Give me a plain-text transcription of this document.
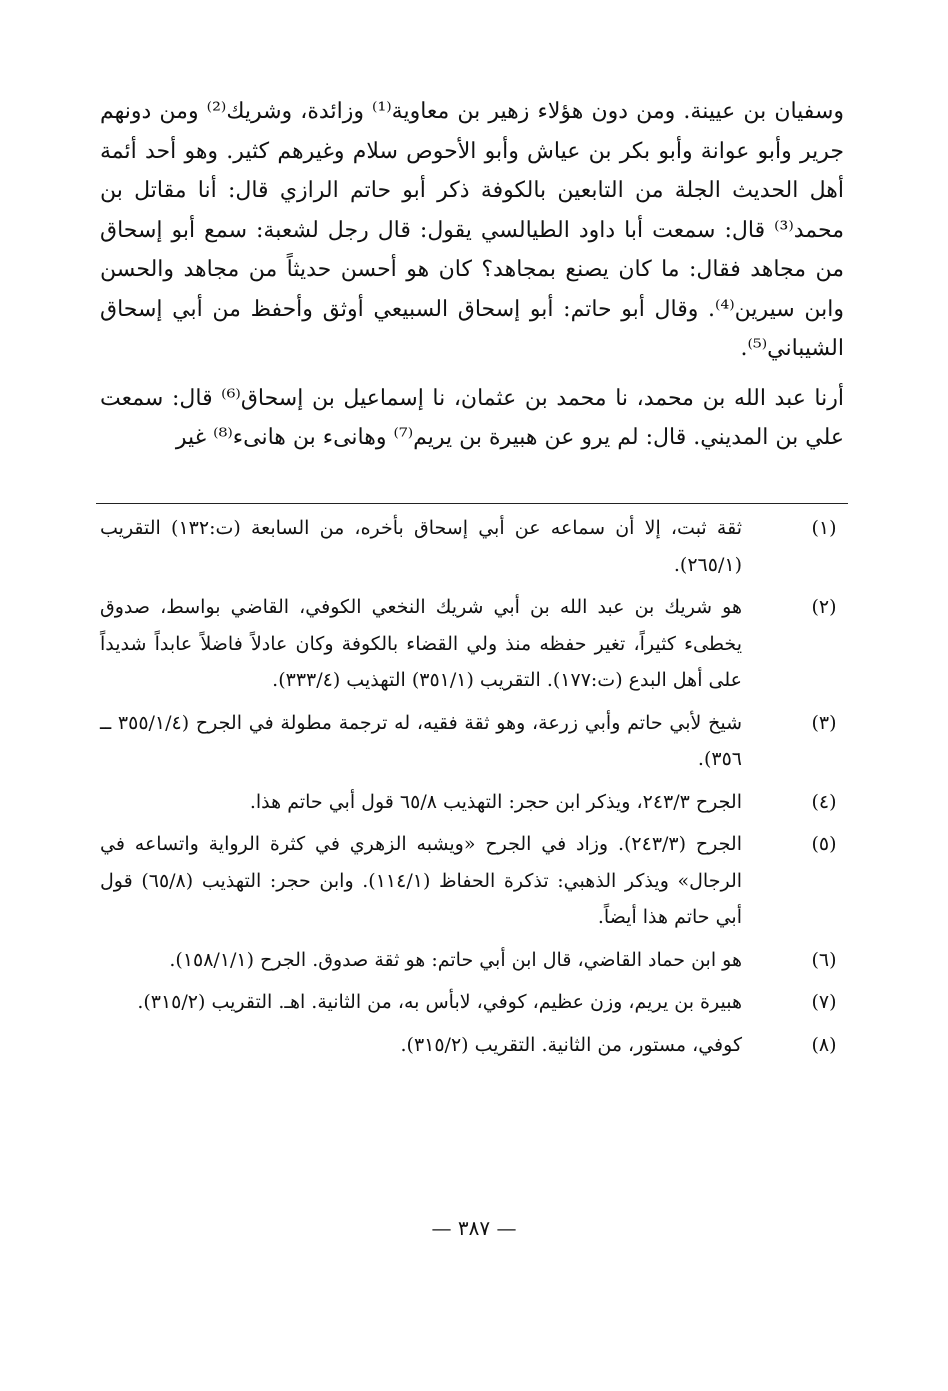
وسفيان بن عيينة. ومن دون هؤلاء زهير بن معاوية⁽¹⁾ وزائدة، وشريك⁽²⁾ ومن دونهم جرير وأبو عوانة وأبو بكر بن عياش وأبو الأحوص سلام وغيرهم كثير. وهو أحد أئمة أهل الحديث الجلة من التابعين بالكوفة ذكر أبو حاتم الرازي قال: أنا مقاتل بن محمد⁽³⁾ قال: سمعت أبا داود الطيالسي يقول: قال رجل لشعبة: سمع أبو إسحاق من مجاهد فقال: ما كان يصنع بمجاهد؟ كان هو أحسن حديثاً من مجاهد والحسن وابن سيرين⁽⁴⁾. وقال أبو حاتم: أبو إسحاق السبيعي أوثق وأحفظ من أبي إسحاق الشيباني⁽⁵⁾.

أرنا عبد الله بن محمد، نا محمد بن عثمان، نا إسماعيل بن إسحاق⁽⁶⁾ قال: سمعت علي بن المديني. قال: لم يرو عن هبيرة بن يريم⁽⁷⁾ وهانىء بن هانىء⁽⁸⁾ غير

(١)
ثقة ثبت، إلا أن سماعه عن أبي إسحاق بأخره، من السابعة (ت:١٣٢) التقريب (٢٦٥/١).
(٢)
هو شريك بن عبد الله بن أبي شريك النخعي الكوفي، القاضي بواسط، صدوق يخطىء كثيراً، تغير حفظه منذ ولي القضاء بالكوفة وكان عادلاً فاضلاً عابداً شديداً على أهل البدع (ت:١٧٧). التقريب (٣٥١/١) التهذيب (٣٣٣/٤).
(٣)
شيخ لأبي حاتم وأبي زرعة، وهو ثقة فقيه، له ترجمة مطولة في الجرح (٣٥٥/١/٤ ــ ٣٥٦).
(٤)
الجرح ٢٤٣/٣، ويذكر ابن حجر: التهذيب ٦٥/٨ قول أبي حاتم هذا.
(٥)
الجرح (٢٤٣/٣). وزاد في الجرح «ويشبه الزهري في كثرة الرواية واتساعه في الرجال» ويذكر الذهبي: تذكرة الحفاظ (١١٤/١). وابن حجر: التهذيب (٦٥/٨) قول أبي حاتم هذا أيضاً.
(٦)
هو ابن حماد القاضي، قال ابن أبي حاتم: هو ثقة صدوق. الجرح (١٥٨/١/١).
(٧)
هبيرة بن يريم، وزن عظيم، كوفي، لابأس به، من الثانية. اهـ. التقريب (٣١٥/٢).
(٨)
كوفي، مستور، من الثانية. التقريب (٣١٥/٢).
— ٣٨٧ —
